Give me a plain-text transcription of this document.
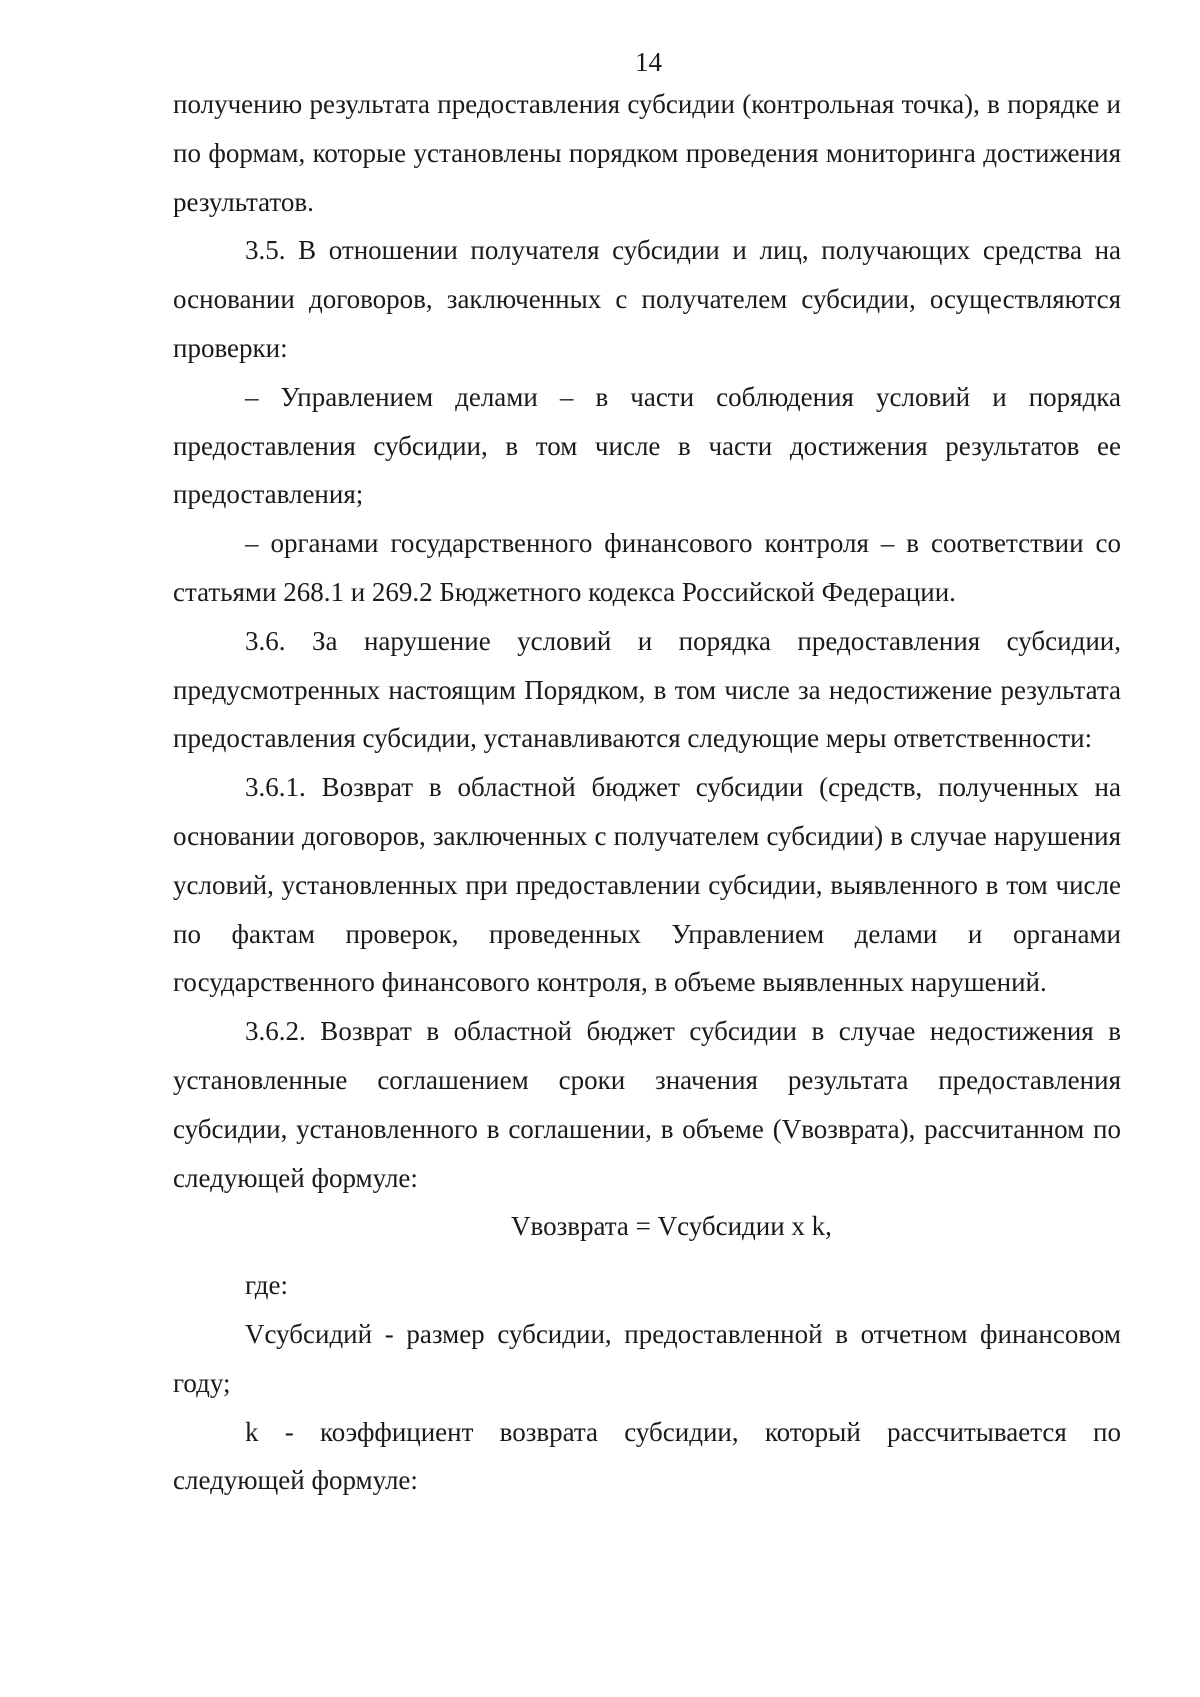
14

получению результата предоставления субсидии (контрольная точка), в порядке и по формам, которые установлены порядком проведения мониторинга достижения результатов.

3.5. В отношении получателя субсидии и лиц, получающих средства на основании договоров, заключенных с получателем субсидии, осуществляются проверки:

– Управлением делами – в части соблюдения условий и порядка предоставления субсидии, в том числе в части достижения результатов ее предоставления;

– органами государственного финансового контроля – в соответствии со статьями 268.1 и 269.2 Бюджетного кодекса Российской Федерации.

3.6. За нарушение условий и порядка предоставления субсидии, предусмотренных настоящим Порядком, в том числе за недостижение результата предоставления субсидии, устанавливаются следующие меры ответственности:

3.6.1. Возврат в областной бюджет субсидии (средств, полученных на основании договоров, заключенных с получателем субсидии) в случае нарушения условий, установленных при предоставлении субсидии, выявленного в том числе по фактам проверок, проведенных Управлением делами и органами государственного финансового контроля, в объеме выявленных нарушений.

3.6.2. Возврат в областной бюджет субсидии в случае недостижения в установленные соглашением сроки значения результата предоставления субсидии, установленного в соглашении, в объеме (Vвозврата), рассчитанном по следующей формуле:

Vвозврата = Vсубсидии x k,

где:

Vсубсидий - размер субсидии, предоставленной в отчетном финансовом году;

k - коэффициент возврата субсидии, который рассчитывается по следующей формуле:
